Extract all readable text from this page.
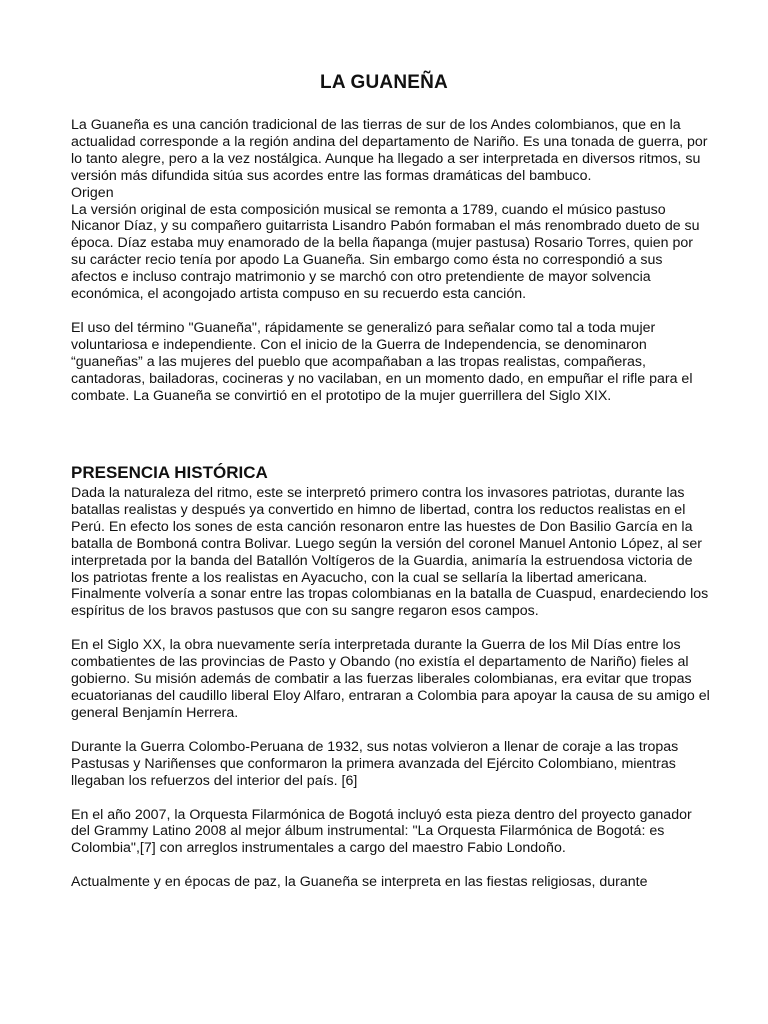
LA GUANEÑA

La Guaneña es una canción tradicional de las tierras de sur de los Andes colombianos, que en la actualidad corresponde a la región andina del departamento de Nariño. Es una tonada de guerra, por lo tanto alegre, pero a la vez nostálgica. Aunque ha llegado a ser interpretada en diversos ritmos, su versión más difundida sitúa sus acordes entre las formas dramáticas del bambuco.

Origen

La versión original de esta composición musical se remonta a 1789, cuando el músico pastuso Nicanor Díaz, y su compañero guitarrista Lisandro Pabón formaban el más renombrado dueto de su época. Díaz estaba muy enamorado de la bella ñapanga (mujer pastusa) Rosario Torres, quien por su carácter recio tenía por apodo La Guaneña. Sin embargo como ésta no correspondió a sus afectos e incluso contrajo matrimonio y se marchó con otro pretendiente de mayor solvencia económica, el acongojado artista compuso en su recuerdo esta canción.

El uso del término "Guaneña", rápidamente se generalizó para señalar como tal a toda mujer voluntariosa e independiente. Con el inicio de la Guerra de Independencia, se denominaron “guaneñas” a las mujeres del pueblo que acompañaban a las tropas realistas, compañeras, cantadoras, bailadoras, cocineras y no vacilaban, en un momento dado, en empuñar el rifle para el combate. La Guaneña se convirtió en el prototipo de la mujer guerrillera del Siglo XIX.

PRESENCIA HISTÓRICA

Dada la naturaleza del ritmo, este se interpretó primero contra los invasores patriotas, durante las batallas realistas y después ya convertido en himno de libertad, contra los reductos realistas en el Perú. En efecto los sones de esta canción resonaron entre las huestes de Don Basilio García en la batalla de Bomboná contra Bolivar. Luego según la versión del coronel Manuel Antonio López, al ser interpretada por la banda del Batallón Voltígeros de la Guardia, animaría la estruendosa victoria de los patriotas frente a los realistas en Ayacucho, con la cual se sellaría la libertad americana. Finalmente volvería a sonar entre las tropas colombianas en la batalla de Cuaspud, enardeciendo los espíritus de los bravos pastusos que con su sangre regaron esos campos.

En el Siglo XX, la obra nuevamente sería interpretada durante la Guerra de los Mil Días entre los combatientes de las provincias de Pasto y Obando (no existía el departamento de Nariño) fieles al gobierno. Su misión además de combatir a las fuerzas liberales colombianas, era evitar que tropas ecuatorianas del caudillo liberal Eloy Alfaro, entraran a Colombia para apoyar la causa de su amigo el general Benjamín Herrera.

Durante la Guerra Colombo-Peruana de 1932, sus notas volvieron a llenar de coraje a las tropas Pastusas y Nariñenses que conformaron la primera avanzada del Ejército Colombiano, mientras llegaban los refuerzos del interior del país. [6]

En el año 2007, la Orquesta Filarmónica de Bogotá incluyó esta pieza dentro del proyecto ganador del Grammy Latino 2008 al mejor álbum instrumental: "La Orquesta Filarmónica de Bogotá: es Colombia",[7] con arreglos instrumentales a cargo del maestro Fabio Londoño.

Actualmente y en épocas de paz, la Guaneña se interpreta en las fiestas religiosas, durante
